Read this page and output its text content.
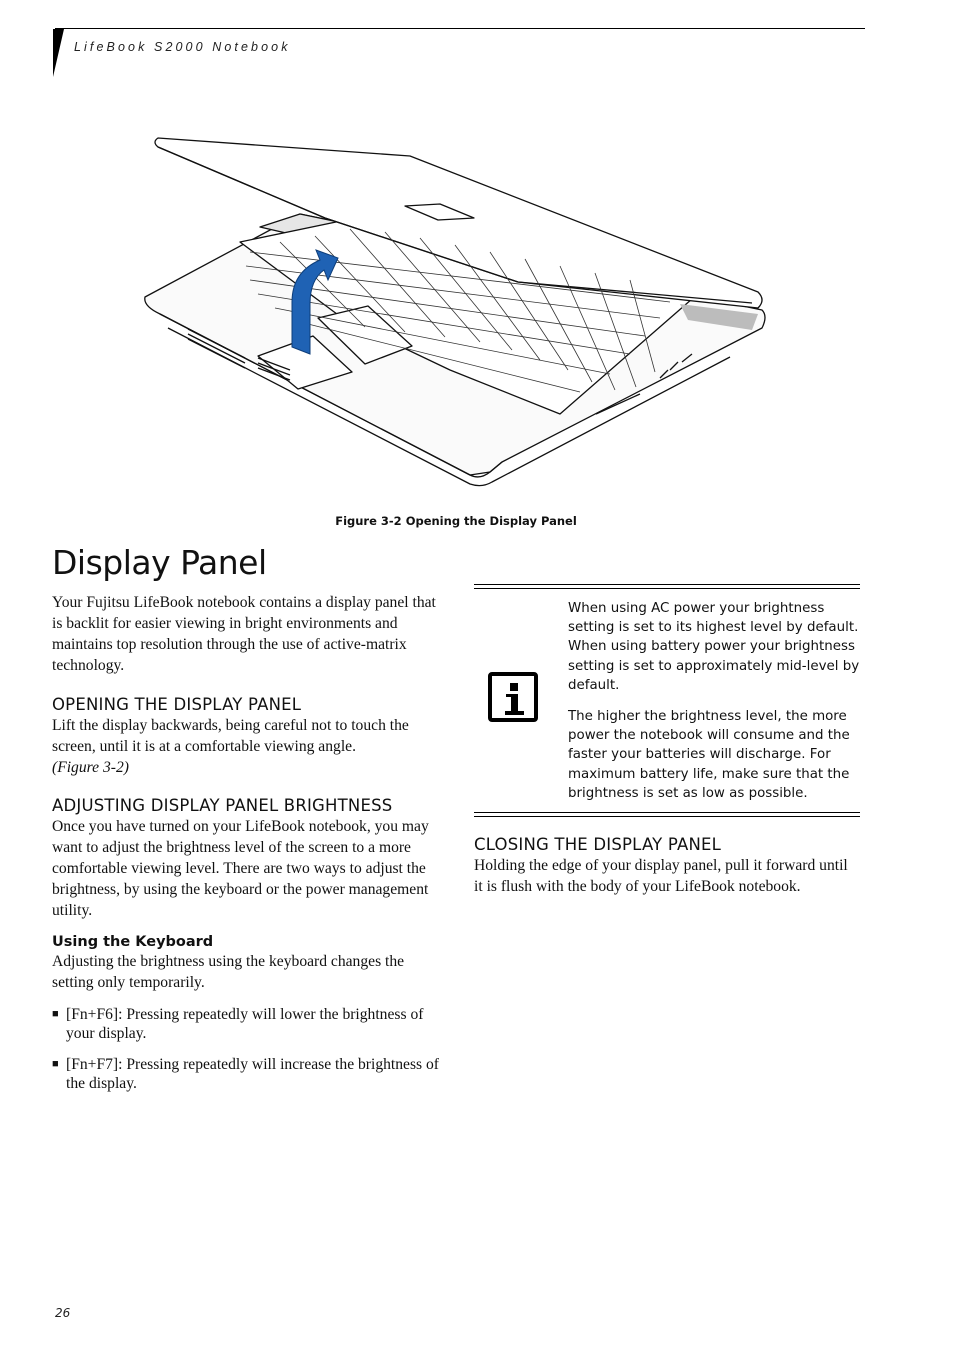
LifeBook S2000 Notebook
Figure 3-2 Opening the Display Panel
Display Panel

Your Fujitsu LifeBook notebook contains a display panel that is backlit for easier viewing in bright environments and maintains top resolution through the use of active-matrix technology.

OPENING THE DISPLAY PANEL

Lift the display backwards, being careful not to touch the screen, until it is at a comfortable viewing angle.
(Figure 3-2)

ADJUSTING DISPLAY PANEL BRIGHTNESS

Once you have turned on your LifeBook notebook, you may want to adjust the brightness level of the screen to a more comfortable viewing level. There are two ways to adjust the brightness, by using the keyboard or the power management utility.

Using the Keyboard

Adjusting the brightness using the keyboard changes the setting only temporarily.

■ [Fn+F6]: Pressing repeatedly will lower the brightness of your display.
■ [Fn+F7]: Pressing repeatedly will increase the brightness of the display.

When using AC power your brightness setting is set to its highest level by default. When using battery power your brightness setting is set to approximately mid-level by default.

The higher the brightness level, the more power the notebook will consume and the faster your batteries will discharge. For maximum battery life, make sure that the brightness is set as low as possible.

CLOSING THE DISPLAY PANEL

Holding the edge of your display panel, pull it forward until it is flush with the body of your LifeBook notebook.

26
